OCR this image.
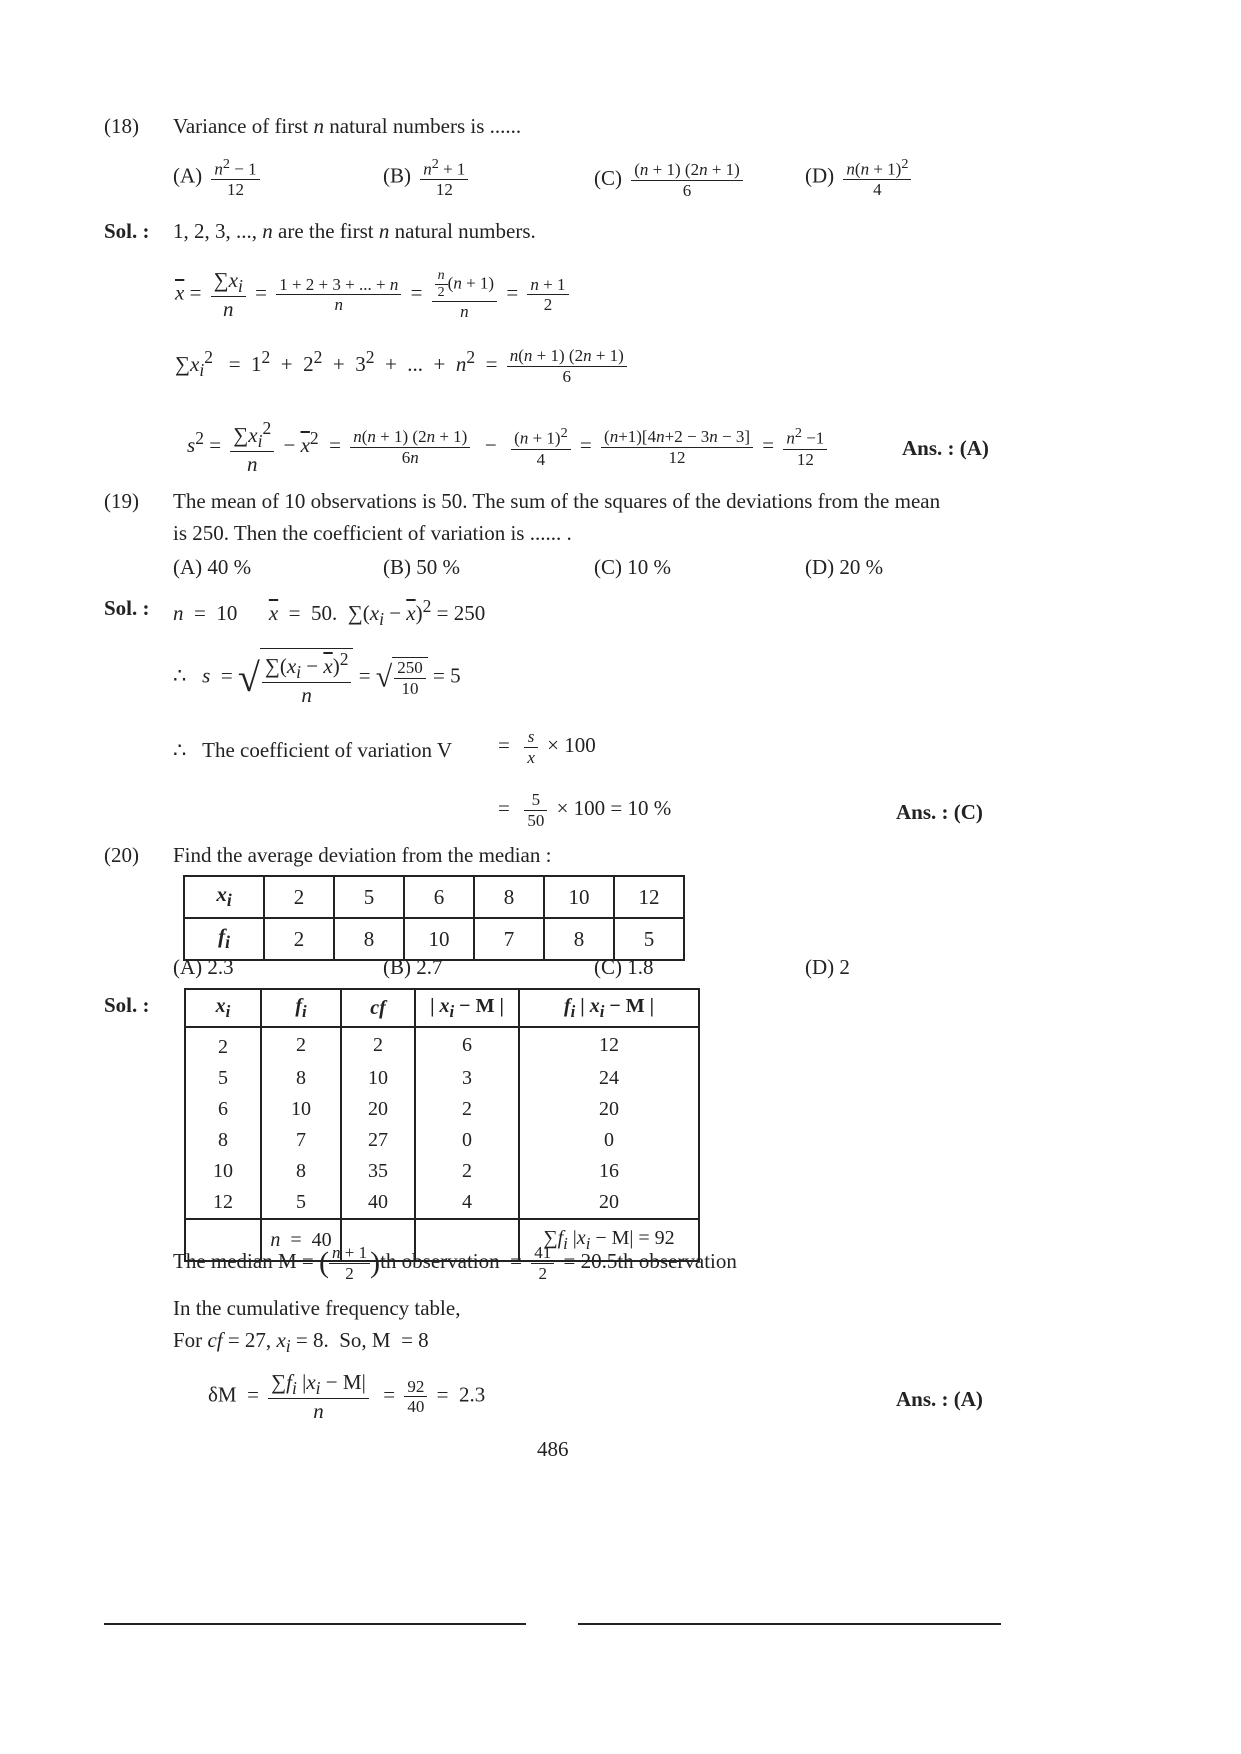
(18) Variance of first n natural numbers is ......
$(A) \frac{n^2 - 1}{12}$	$(B) \frac{n^2 + 1}{12}$	$(C) \frac{(n + 1) (2n + 1)}{6}$	$(D) \frac{n(n + 1)^2}{4}$
Sol. : 1, 2, 3, ..., n are the first n natural numbers.
$\overline{x} = \frac{\sum x_i}{n} = \frac{1 + 2 + 3 + ... + n}{n} = \frac{\frac{n}{2} (n + 1)}{n} = \frac{n + 1}{2}$
$\sum x_i^2 = 1^2 + 2^2 + 3^2$  +  ...  +  $n^2 = \frac{n(n + 1) (2n + 1)}{6}$
$s^2 = \frac{\sum x_i^2}{n} - \overline{x}^2 = \frac{n(n + 1) (2n + 1)}{6n} - \frac{(n + 1)^2}{4} = \frac{(n+1)[4n+2 - 3n - 3]}{12} = \frac{n^2 -1}{12}$	Ans. : (A)
(19) The mean of 10 observations is 50. The sum of the squares of the deviations from the mean
is 250. Then the coefficient of variation is ...... .
(A) 40 %	(B) 50 %	(C) 10 %	(D) 20 %
Sol. : n  =  10      $\overline{x} = 50$.  $\sum(x_i - \overline{x})^2 = 250$
∴   s  = √ $\frac{\sum(x_i - \overline{x})^2}{n}$ = √ $\frac{250}{10} = 5$
∴   The coefficient of variation $V = \frac{s}{x} \times 100$
= $\frac{5}{50} \times 100 = 10$ %	Ans. : (C)
(20) Find the average deviation from the median :
$x_i$	2	5	6	8	10	12
$f_i$	2	8	10	7	8	5
(A) 2.3	(B) 2.7	(C) 1.8	(D) 2
Sol. :	$x_i$	$f_i$	cf	| $x_i - M$ |	$f_i$ | $x_i - M$ |
2	2	2	6	12
5	8	10	3	24
6	10	20	2	20
8	7	27	0	0
10	8	35	2	16
12	5	40	4	20
	n  =  40			$\sum f_i$ $|x_i - M| = 92$
The median M = ( $\frac{n + 1}{2} )th$ observation  = $\frac{41}{2} = 20.5th$ observation
In the cumulative frequency table,
For cf = 27, $x_i = 8$.  So, M  = 8
$\delta M = \frac{\sum f_i |x_i - M|}{n} = \frac{92}{40} = 2.3$	Ans. : (A)
486
